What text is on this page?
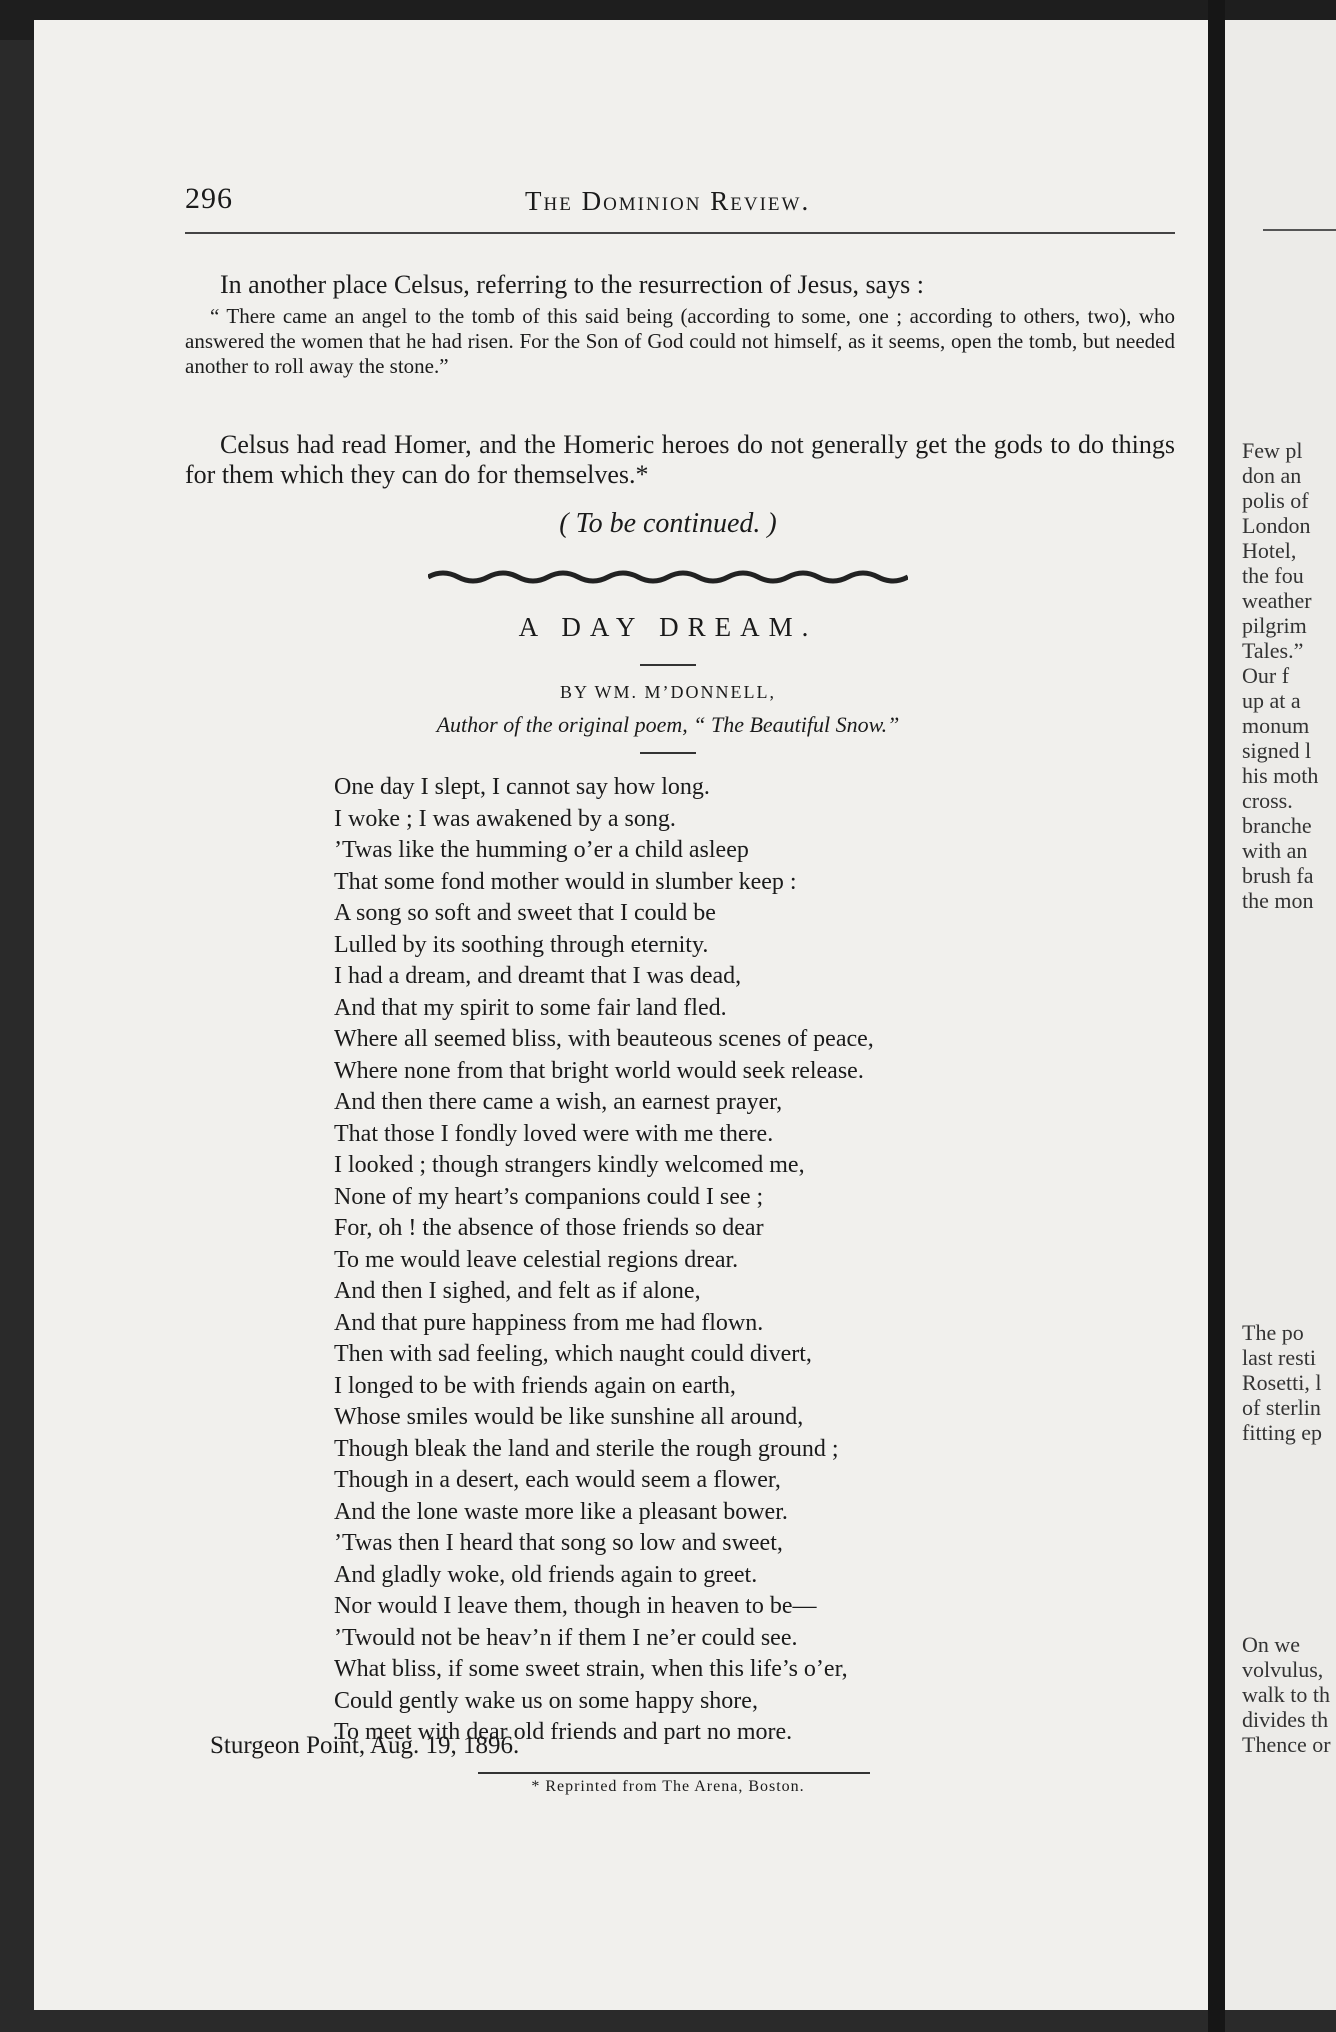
296	The Dominion Review.
In another place Celsus, referring to the resurrection of Jesus, says :
“ There came an angel to the tomb of this said being (according to some, one ; according to others, two), who answered the women that he had risen. For the Son of God could not himself, as it seems, open the tomb, but needed another to roll away the stone.”
Celsus had read Homer, and the Homeric heroes do not generally get the gods to do things for them which they can do for themselves.*
( To be continued. )
A DAY DREAM.
BY WM. M’DONNELL,
Author of the original poem, “ The Beautiful Snow.”
One day I slept, I cannot say how long.
I woke ; I was awakened by a song.
’Twas like the humming o’er a child asleep
That some fond mother would in slumber keep :
A song so soft and sweet that I could be
Lulled by its soothing through eternity.
I had a dream, and dreamt that I was dead,
And that my spirit to some fair land fled.
Where all seemed bliss, with beauteous scenes of peace,
Where none from that bright world would seek release.
And then there came a wish, an earnest prayer,
That those I fondly loved were with me there.
I looked ; though strangers kindly welcomed me,
None of my heart’s companions could I see ;
For, oh ! the absence of those friends so dear
To me would leave celestial regions drear.
And then I sighed, and felt as if alone,
And that pure happiness from me had flown.
Then with sad feeling, which naught could divert,
I longed to be with friends again on earth,
Whose smiles would be like sunshine all around,
Though bleak the land and sterile the rough ground ;
Though in a desert, each would seem a flower,
And the lone waste more like a pleasant bower.
’Twas then I heard that song so low and sweet,
And gladly woke, old friends again to greet.
Nor would I leave them, though in heaven to be—
’Twould not be heav’n if them I ne’er could see.
What bliss, if some sweet strain, when this life’s o’er,
Could gently wake us on some happy shore,
To meet with dear old friends and part no more.
Sturgeon Point, Aug. 19, 1896.
* Reprinted from The Arena, Boston.
Few pl
don an
polis of
London
Hotel,
the fou
weather
pilgrim
Tales.”
Our f
up at a
monum
signed l
his moth
cross.
branche
with an
brush fa
the mon
The po
last resti
Rosetti, l
of sterlin
fitting ep
On we
volvulus,
walk to th
divides th
Thence or
